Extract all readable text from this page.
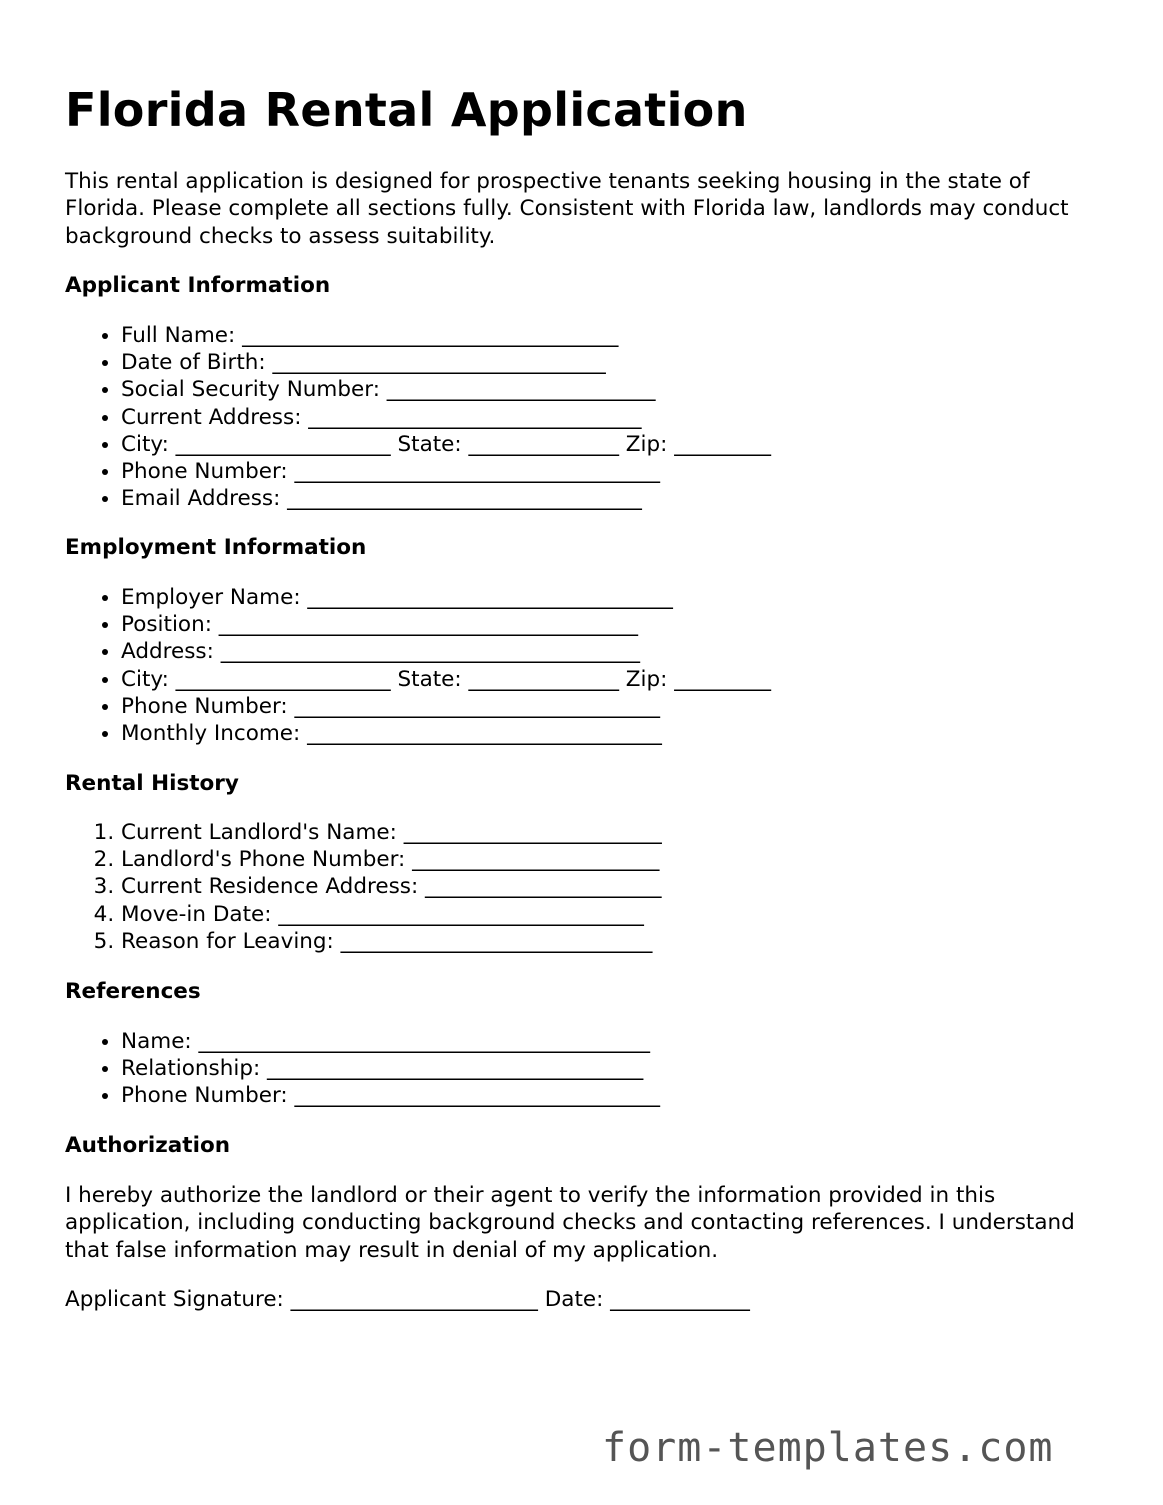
Florida Rental Application

This rental application is designed for prospective tenants seeking housing in the state of Florida. Please complete all sections fully. Consistent with Florida law, landlords may conduct background checks to assess suitability.

Applicant Information
• Full Name: ___________________________________
• Date of Birth: _______________________________
• Social Security Number: _________________________
• Current Address: _______________________________
• City: ____________________ State: ______________ Zip: _________
• Phone Number: __________________________________
• Email Address: _________________________________
Employment Information
• Employer Name: __________________________________
• Position: _______________________________________
• Address: _______________________________________
• City: ____________________ State: ______________ Zip: _________
• Phone Number: __________________________________
• Monthly Income: _________________________________
Rental History
1. Current Landlord's Name: ________________________
2. Landlord's Phone Number: _______________________
3. Current Residence Address: ______________________
4. Move-in Date: __________________________________
5. Reason for Leaving: _____________________________
References
• Name: __________________________________________
• Relationship: ___________________________________
• Phone Number: __________________________________
Authorization

I hereby authorize the landlord or their agent to verify the information provided in this application, including conducting background checks and contacting references. I understand that false information may result in denial of my application.

Applicant Signature: _______________________ Date: _____________

form-templates.com
